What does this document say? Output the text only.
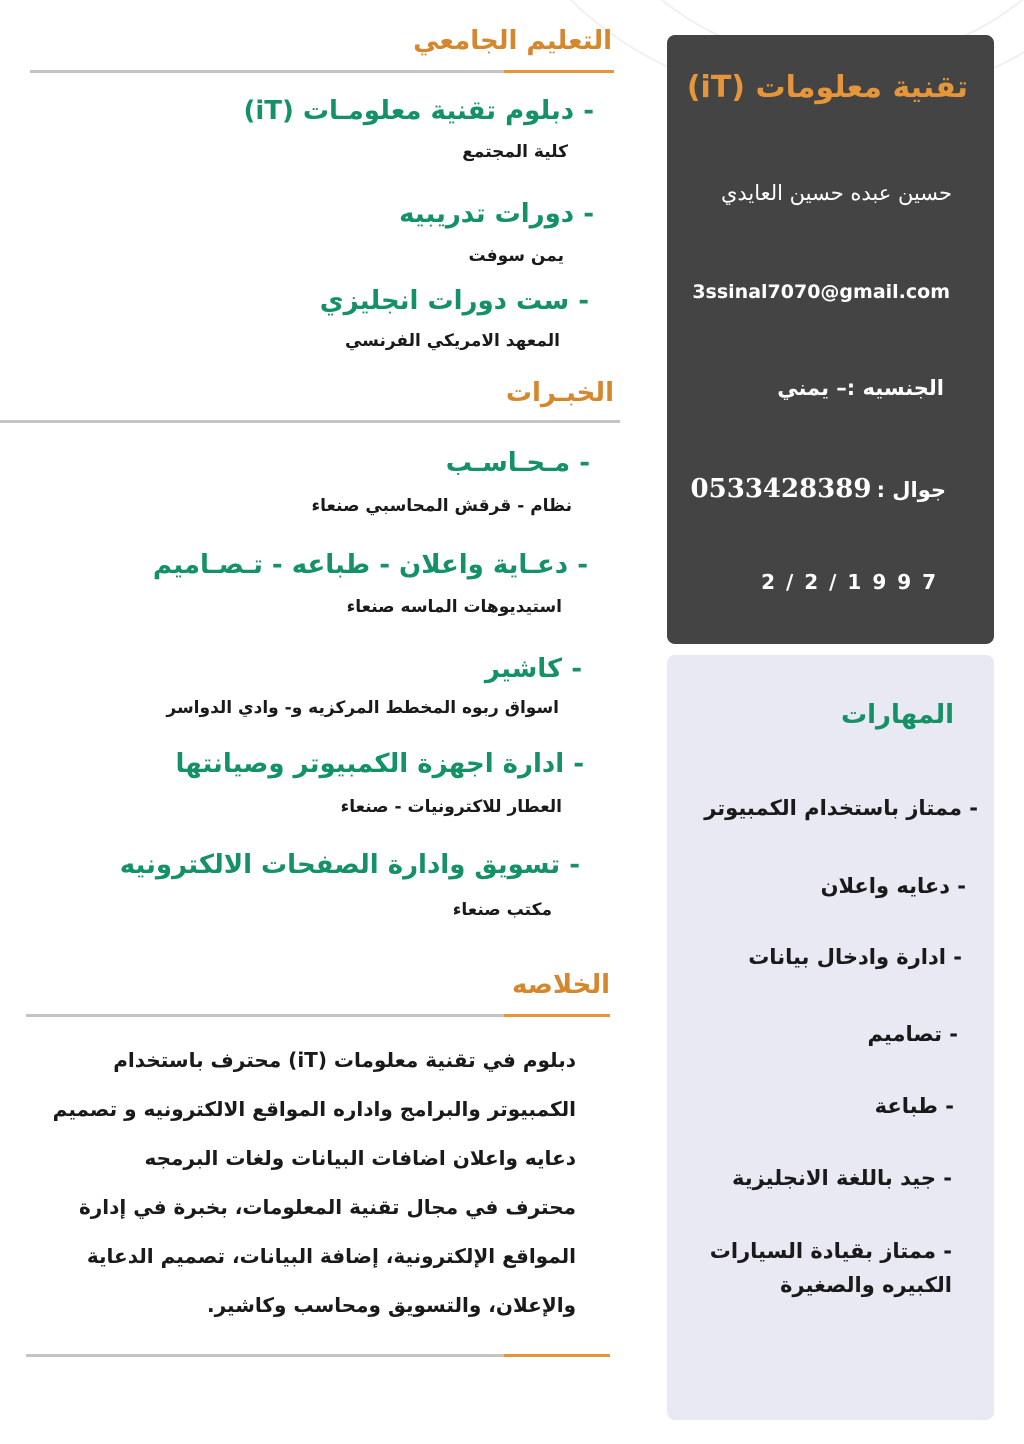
التعليم الجامعي
- دبلوم تقنية معلومـات (iT)
كلية المجتمع
- دورات تدريبيه
يمن سوفت
- ست دورات انجليزي
المعهد الامريكي الفرنسي
الخبـرات
- مـحـاسـب
نظام - قرقش المحاسبي صنعاء
- دعـاية واعلان - طباعه - تـصـاميم
استيديوهات الماسه صنعاء
- كاشير
اسواق ربوه المخطط المركزيه و- وادي الدواسر
- ادارة اجهزة الكمبيوتر وصيانتها
العطار للاكترونيات - صنعاء
- تسويق وادارة الصفحات الالكترونيه
مكتب صنعاء
الخلاصه
دبلوم في تقنية معلومات (iT) محترف باستخدام
الكمبيوتر والبرامج واداره المواقع الالكترونيه و تصميم
دعايه واعلان اضافات البيانات ولغات البرمجه
محترف في مجال تقنية المعلومات، بخبرة في إدارة
المواقع الإلكترونية، إضافة البيانات، تصميم الدعاية
والإعلان، والتسويق ومحاسب وكاشير.
تقنية معلومات (iT)
حسين عبده حسين العايدي
3ssinal7070@gmail.com
الجنسيه :– يمني
جوال : 0533428389
2 / 2 / 1 9 9 7
المهارات
- ممتاز باستخدام الكمبيوتر
- دعايه واعلان
- ادارة وادخال بيانات
- تصاميم
- طباعة
- جيد باللغة الانجليزية
- ممتاز بقيادة السيارات الكبيره والصغيرة
